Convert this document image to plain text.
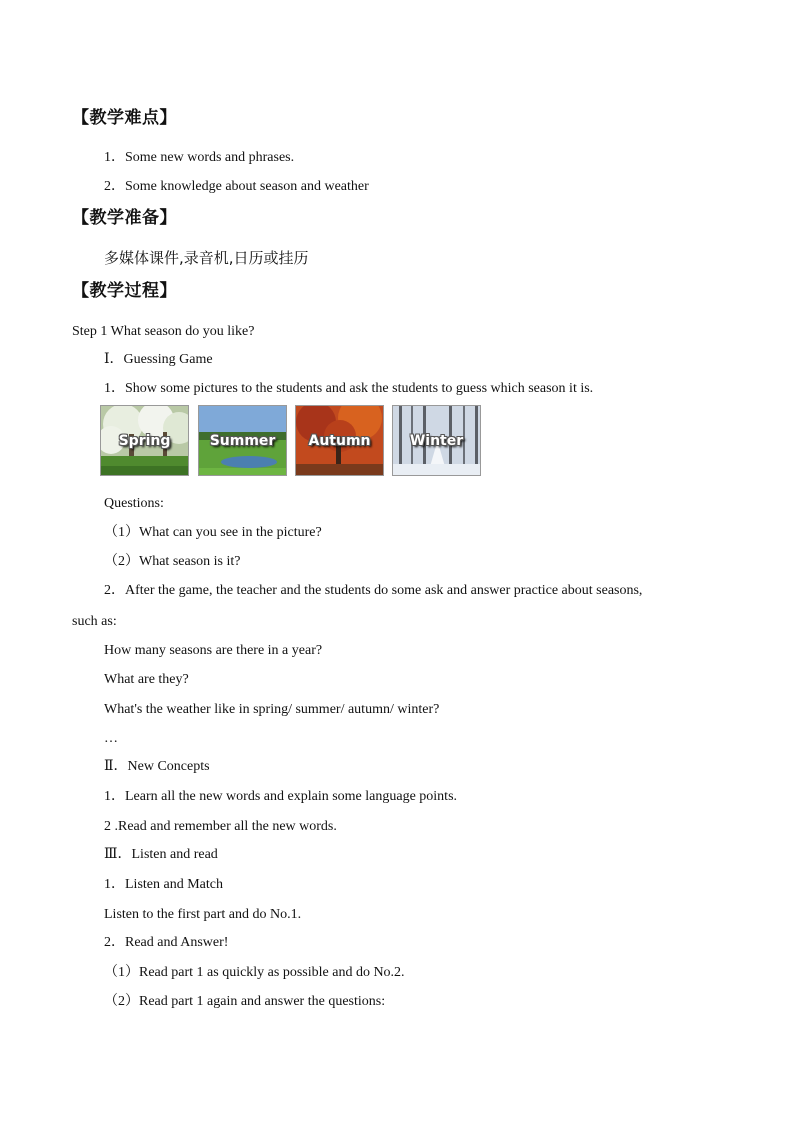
【教学难点】
1．Some new words and phrases.
2．Some knowledge about season and weather
【教学准备】
多媒体课件,录音机,日历或挂历
【教学过程】
Step 1 What season do you like?
Ⅰ．Guessing Game
1．Show some pictures to the students and ask the students to guess which season it is.
Spring	Summer	Autumn	Winter
Questions:
（1）What can you see in the picture?
（2）What season is it?
2．After the game, the teacher and the students do some ask and answer practice about seasons,
such as:
How many seasons are there in a year?
What are they?
What's the weather like in spring/ summer/ autumn/ winter?
…
Ⅱ．New Concepts
1．Learn all the new words and explain some language points.
2 .Read and remember all the new words.
Ⅲ．Listen and read
1．Listen and Match
Listen to the first part and do No.1.
2．Read and Answer!
（1）Read part 1 as quickly as possible and do No.2.
（2）Read part 1 again and answer the questions:
